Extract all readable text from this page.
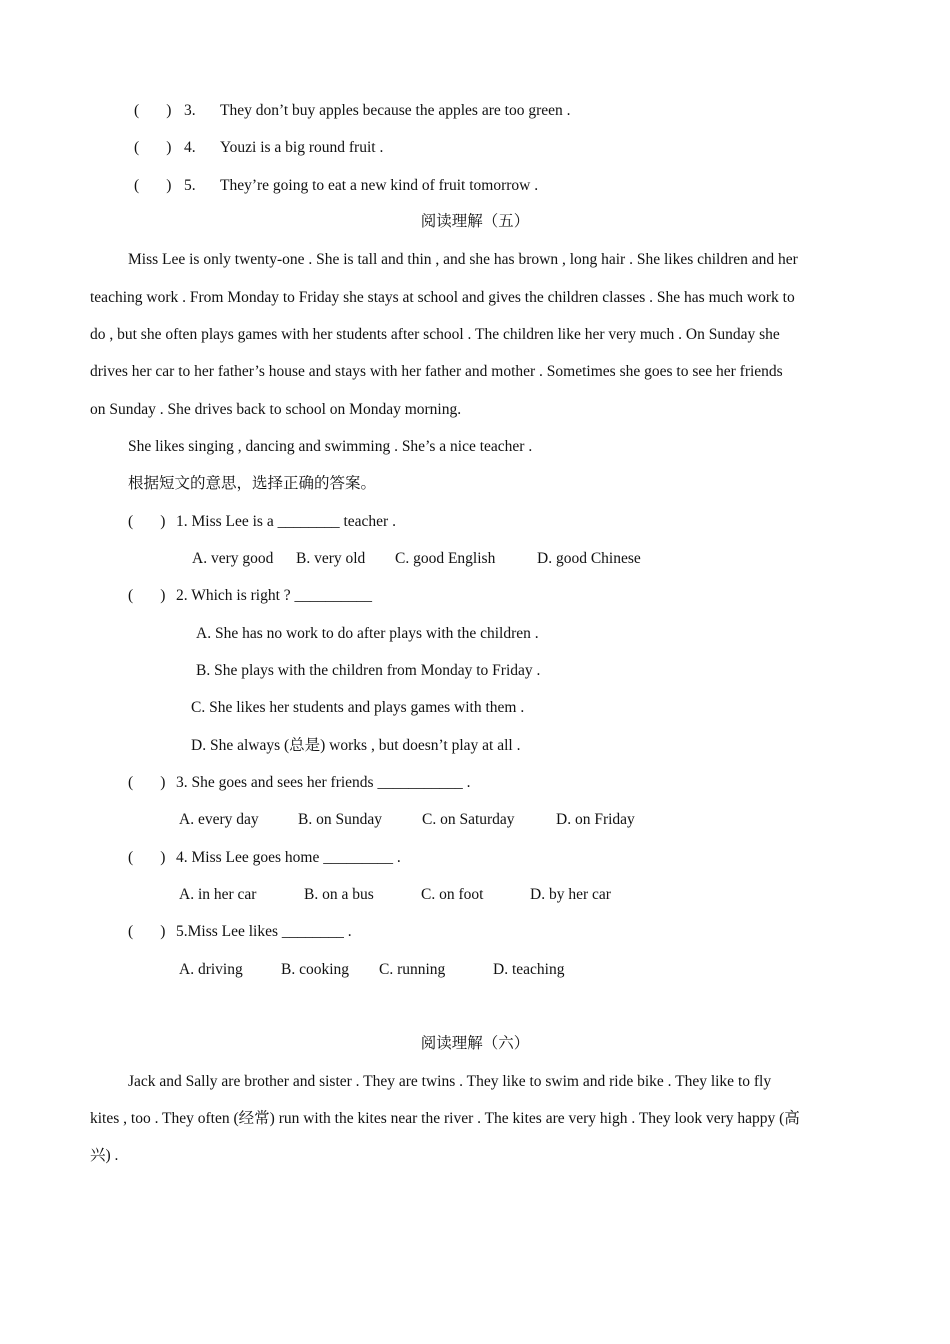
(       ) 3. They don’t buy apples because the apples are too green .
(       ) 4. Youzi is a big round fruit .
(       ) 5. They’re going to eat a new kind of fruit tomorrow .
阅读理解（五）
Miss Lee is only twenty-one . She is tall and thin , and she has brown , long hair . She likes children and her
teaching work . From Monday to Friday she stays at school and gives the children classes . She has much work to
do , but she often plays games with her students after school . The children like her very much . On Sunday she
drives her car to her father’s house and stays with her father and mother . Sometimes she goes to see her friends
on Sunday . She drives back to school on Monday morning.
She likes singing , dancing and swimming . She’s a nice teacher .
根据短文的意思，选择正确的答案。
(       ) 1. Miss Lee is a ________ teacher .
A. very good B. very old C. good English	D. good Chinese
(       ) 2. Which is right ? __________
A. She has no work to do after plays with the children .
B. She plays with the children from Monday to Friday .
C. She likes her students and plays games with them .
D. She always (总是) works , but doesn’t play at all .
(       ) 3. She goes and sees her friends ___________ .
A. every day	B. on Sunday	C. on Saturday	D. on Friday
(       ) 4. Miss Lee goes home _________ .
A. in her car	B. on a bus	C. on foot	D. by her car
(       ) 5.Miss Lee likes ________ .
A. driving B. cooking C. running	D. teaching
阅读理解（六）
Jack and Sally are brother and sister . They are twins . They like to swim and ride bike . They like to fly
kites , too . They often (经常) run with the kites near the river . The kites are very high . They look very happy (高
兴) .
